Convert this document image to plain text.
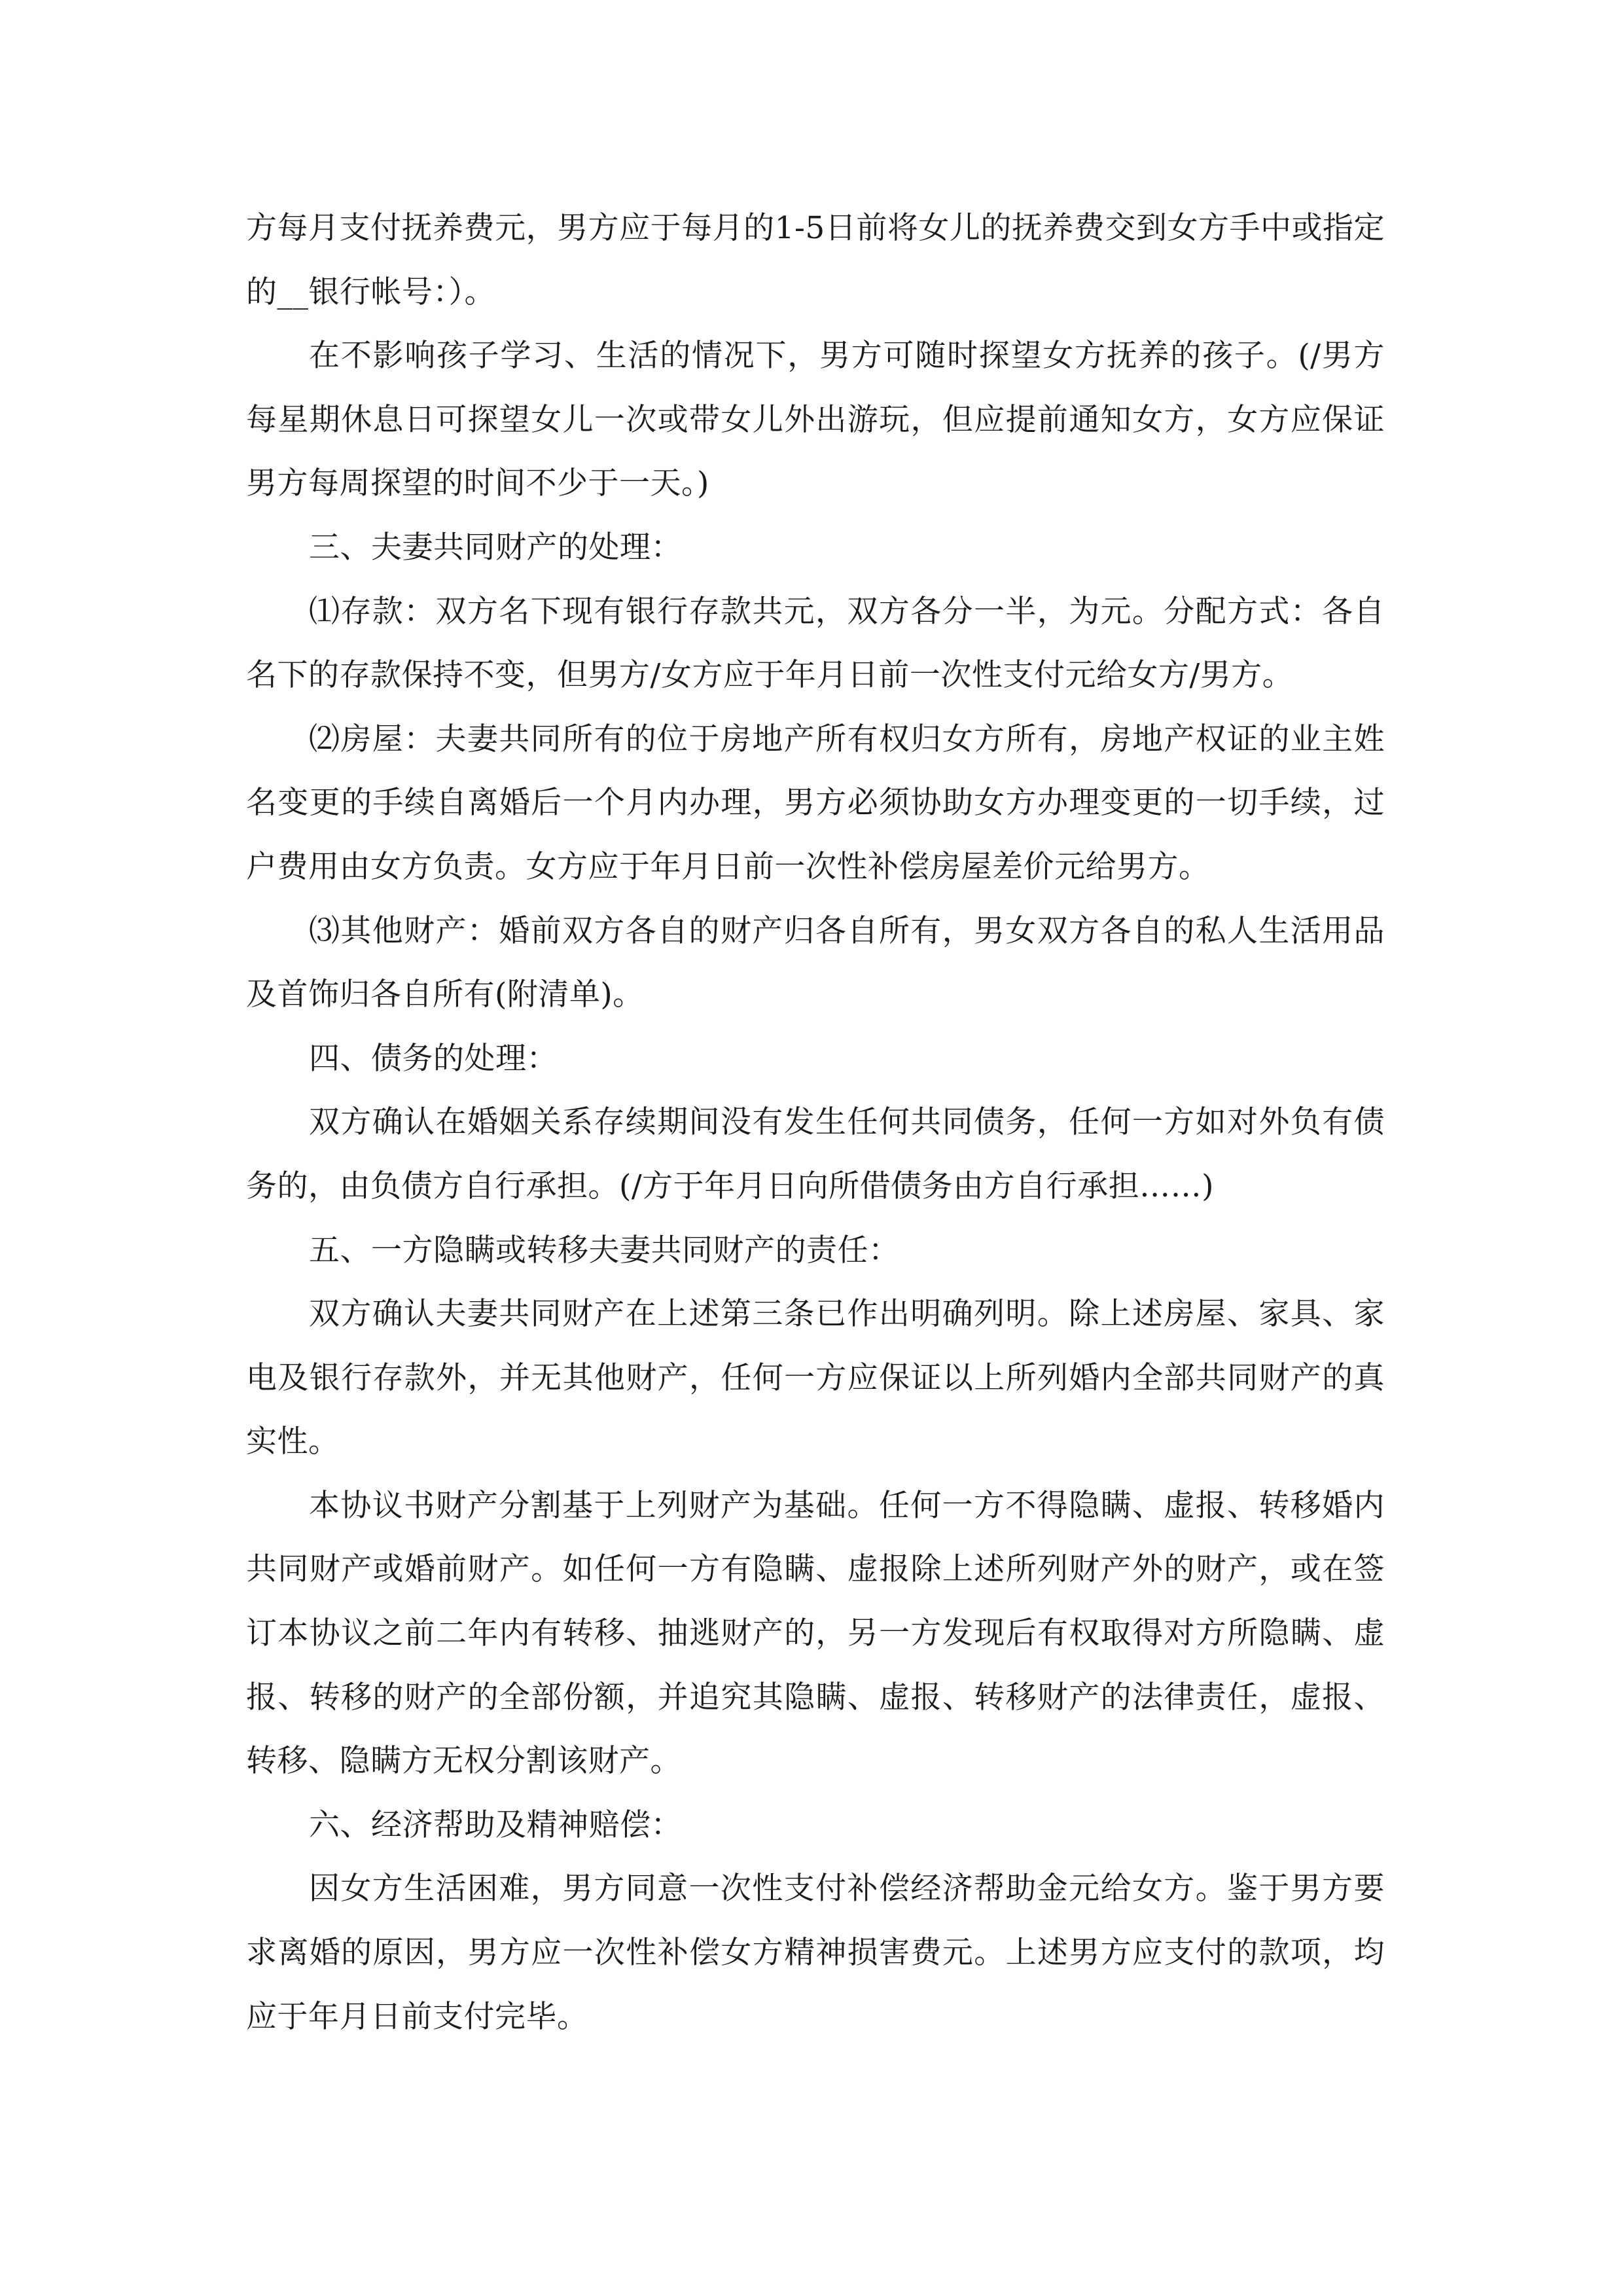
方每月支付抚养费元，男方应于每月的1-5日前将女儿的抚养费交到女方手中或指定的__银行帐号：）。

在不影响孩子学习、生活的情况下，男方可随时探望女方抚养的孩子。(/男方每星期休息日可探望女儿一次或带女儿外出游玩，但应提前通知女方，女方应保证男方每周探望的时间不少于一天。)

三、夫妻共同财产的处理：

⑴存款：双方名下现有银行存款共元，双方各分一半，为元。分配方式：各自名下的存款保持不变，但男方/女方应于年月日前一次性支付元给女方/男方。

⑵房屋：夫妻共同所有的位于房地产所有权归女方所有，房地产权证的业主姓名变更的手续自离婚后一个月内办理，男方必须协助女方办理变更的一切手续，过户费用由女方负责。女方应于年月日前一次性补偿房屋差价元给男方。

⑶其他财产：婚前双方各自的财产归各自所有，男女双方各自的私人生活用品及首饰归各自所有(附清单)。

四、债务的处理：

双方确认在婚姻关系存续期间没有发生任何共同债务，任何一方如对外负有债务的，由负债方自行承担。(/方于年月日向所借债务由方自行承担……)

五、一方隐瞒或转移夫妻共同财产的责任：

双方确认夫妻共同财产在上述第三条已作出明确列明。除上述房屋、家具、家电及银行存款外，并无其他财产，任何一方应保证以上所列婚内全部共同财产的真实性。

本协议书财产分割基于上列财产为基础。任何一方不得隐瞒、虚报、转移婚内共同财产或婚前财产。如任何一方有隐瞒、虚报除上述所列财产外的财产，或在签订本协议之前二年内有转移、抽逃财产的，另一方发现后有权取得对方所隐瞒、虚报、转移的财产的全部份额，并追究其隐瞒、虚报、转移财产的法律责任，虚报、转移、隐瞒方无权分割该财产。

六、经济帮助及精神赔偿：

因女方生活困难，男方同意一次性支付补偿经济帮助金元给女方。鉴于男方要求离婚的原因，男方应一次性补偿女方精神损害费元。上述男方应支付的款项，均应于年月日前支付完毕。
